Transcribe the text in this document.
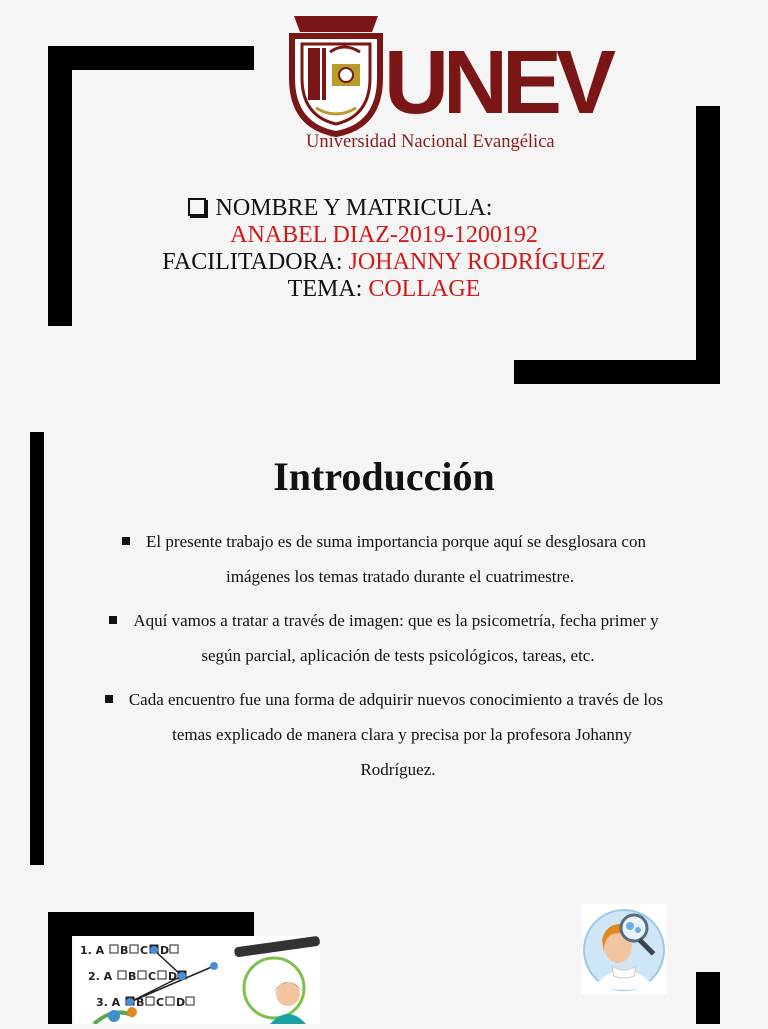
UNEV
Universidad Nacional Evangélica
NOMBRE Y MATRICULA:
ANABEL DIAZ-2019-1200192
FACILITADORA: JOHANNY RODRÍGUEZ
TEMA: COLLAGE
Introducción
El presente trabajo es de suma importancia porque aquí se desglosara con
imágenes los temas tratado durante el cuatrimestre.
Aquí vamos a tratar a través de imagen: que es la psicometría, fecha primer y
según parcial, aplicación de tests psicológicos, tareas, etc.
Cada encuentro fue una forma de adquirir nuevos conocimiento a través de los
temas explicado de manera clara y precisa por la profesora Johanny
Rodríguez.
1. A B C D
2. A B C D
3. A B C D
